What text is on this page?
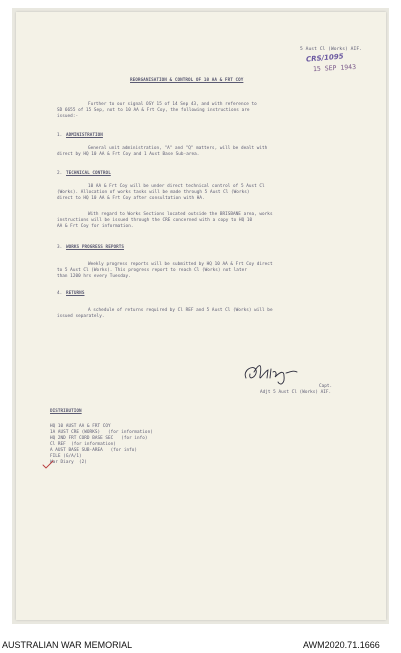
5 Aust Cl (Works) AIF.
CRS/1095
15 SEP 1943
REORGANISATION & CONTROL OF 10 AA & FRT COY
Further to our signal OSY 15 of 14 Sep 43, and with reference to
SD 6655 of 15 Sep, not to 10 AA & Frt Coy, the following instructions are
issued:-
1. ADMINISTRATION
General unit administration, "A" and "Q" matters, will be dealt with
direct by HQ 10 AA & Frt Coy and 1 Aust Base Sub-area.
2. TECHNICAL CONTROL
10 AA & Frt Coy will be under direct technical control of 5 Aust Cl
(Works). Allocation of works tasks will be made through 5 Aust Cl (Works)
direct to HQ 10 AA & Frt Coy after consultation with HA.
With regard to Works Sections located outside the BRISBANE area, works
instructions will be issued through the CRE concerned with a copy to HQ 10
AA & Frt Coy for information.
3. WORKS PROGRESS REPORTS
Weekly progress reports will be submitted by HQ 10 AA & Frt Coy direct
to 5 Aust Cl (Works). This progress report to reach Cl (Works) not later
than 1200 hrs every Tuesday.
4. RETURNS
A schedule of returns required by Cl REF and 5 Aust Cl (Works) will be
issued separately.
Capt.
Adjt 5 Aust Cl (Works) AIF.
DISTRIBUTION
HQ 10 AUST AA & FRT COY
1A AUST CRE (WORKS)   (for information)
HQ 2ND FRT CORD BASE SEC   (for info)
Cl REF  (for information)
A AUST BASE SUB-AREA   (for info)
FILE (G/A/1)
War Diary  (2)
AUSTRALIAN WAR MEMORIAL	AWM2020.71.1666
